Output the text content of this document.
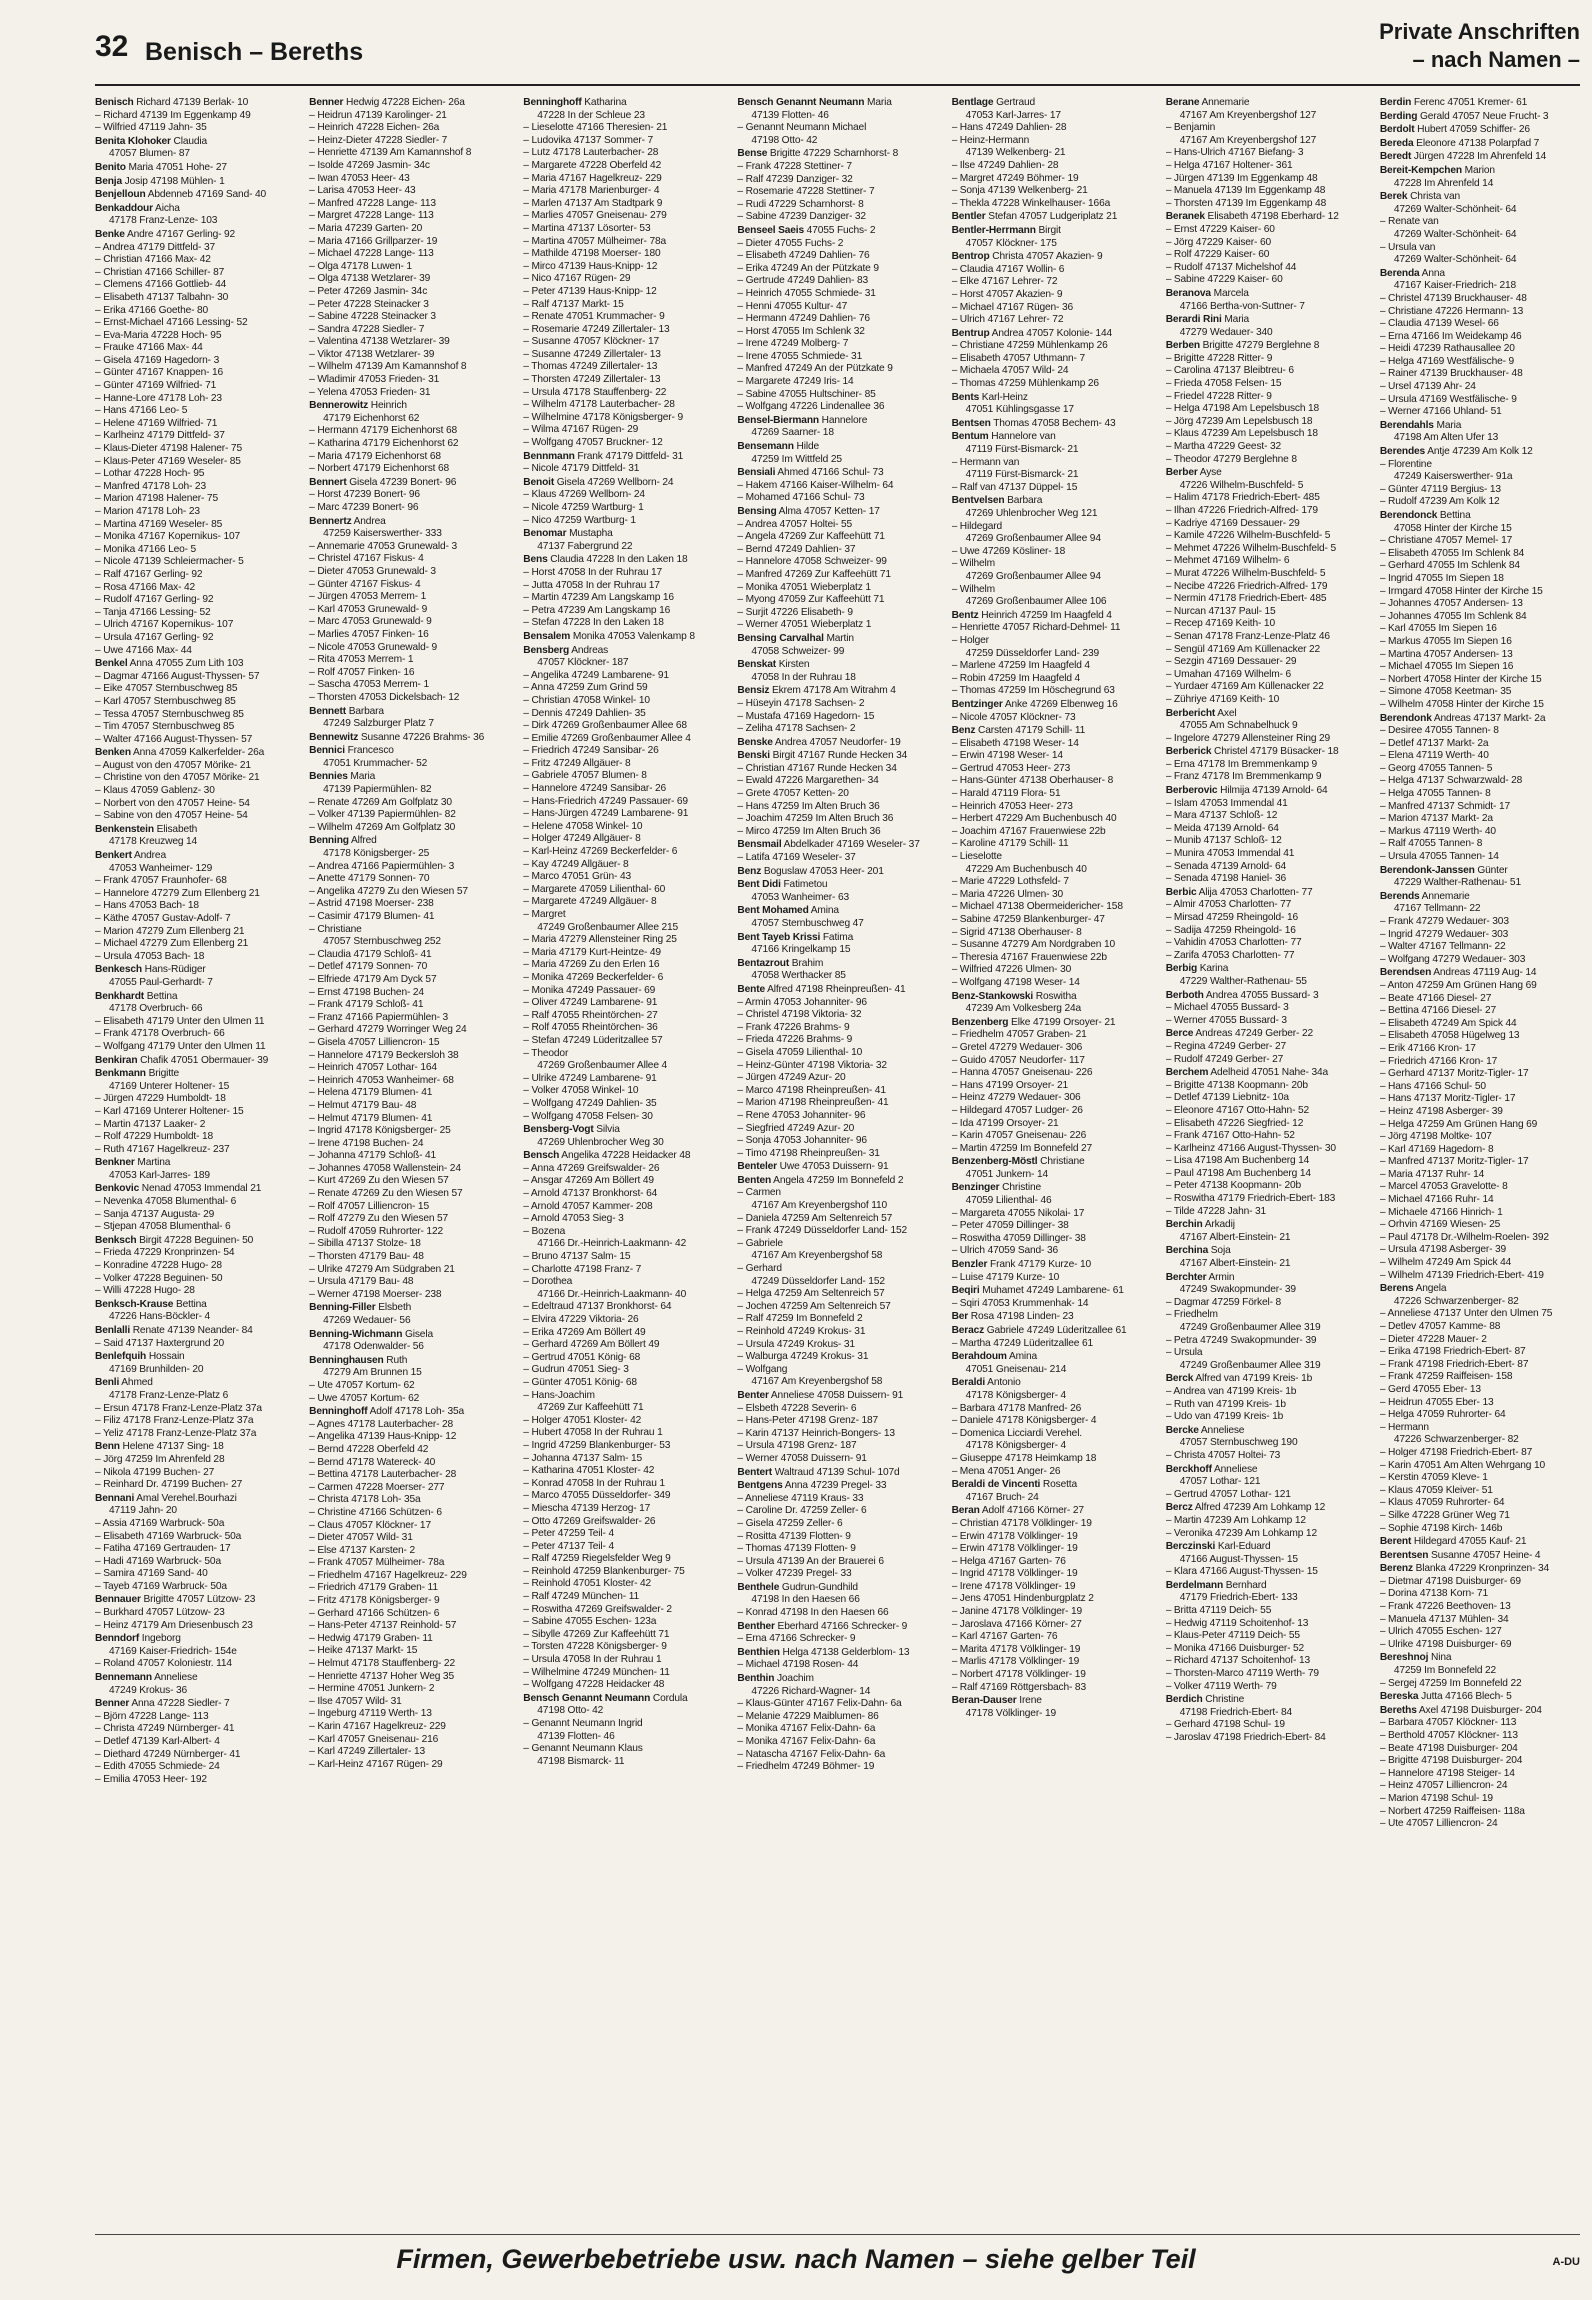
32 Benisch – Bereths
Private Anschriften
– nach Namen –
Benisch Richard 47139 Berlak- 10
– Richard 47139 Im Eggenkamp 49
– Wilfried 47119 Jahn- 35
Benita Klohoker Claudia
47057 Blumen- 87
Benito Maria 47051 Hohe- 27
Benja Josip 47198 Mühlen- 1
Benjelloun Abdenneb 47169 Sand- 40
Benkaddour Aicha
47178 Franz-Lenze- 103
Benke Andre 47167 Gerling- 92
– Andrea 47179 Dittfeld- 37
– Christian 47166 Max- 42
– Christian 47166 Schiller- 87
– Clemens 47166 Gottlieb- 44
– Elisabeth 47137 Talbahn- 30
– Erika 47166 Goethe- 80
– Ernst-Michael 47166 Lessing- 52
– Eva-Maria 47228 Hoch- 95
– Frauke 47166 Max- 44
– Gisela 47169 Hagedorn- 3
– Günter 47167 Knappen- 16
– Günter 47169 Wilfried- 71
– Hanne-Lore 47178 Loh- 23
– Hans 47166 Leo- 5
– Helene 47169 Wilfried- 71
– Karlheinz 47179 Dittfeld- 37
– Klaus-Dieter 47198 Halener- 75
– Klaus-Peter 47169 Weseler- 85
– Lothar 47228 Hoch- 95
– Manfred 47178 Loh- 23
– Marion 47198 Halener- 75
– Marion 47178 Loh- 23
– Martina 47169 Weseler- 85
– Monika 47167 Kopernikus- 107
– Monika 47166 Leo- 5
– Nicole 47139 Schleiermacher- 5
– Ralf 47167 Gerling- 92
– Rosa 47166 Max- 42
– Rudolf 47167 Gerling- 92
– Tanja 47166 Lessing- 52
– Ulrich 47167 Kopernikus- 107
– Ursula 47167 Gerling- 92
– Uwe 47166 Max- 44
Benkel Anna 47055 Zum Lith 103
– Dagmar 47166 August-Thyssen- 57
– Eike 47057 Sternbuschweg 85
– Karl 47057 Sternbuschweg 85
– Tessa 47057 Sternbuschweg 85
– Tim 47057 Sternbuschweg 85
– Walter 47166 August-Thyssen- 57
Benken Anna 47059 Kalkerfelder- 26a
– August von den 47057 Mörike- 21
– Christine von den 47057 Mörike- 21
– Klaus 47059 Gablenz- 30
– Norbert von den 47057 Heine- 54
– Sabine von den 47057 Heine- 54
Benkenstein Elisabeth
47178 Kreuzweg 14
Benkert Andrea
47053 Wanheimer- 129
– Frank 47057 Fraunhofer- 68
– Hannelore 47279 Zum Ellenberg 21
– Hans 47053 Bach- 18
– Käthe 47057 Gustav-Adolf- 7
– Marion 47279 Zum Ellenberg 21
– Michael 47279 Zum Ellenberg 21
– Ursula 47053 Bach- 18
Benkesch Hans-Rüdiger
47055 Paul-Gerhardt- 7
Benkhardt Bettina
47178 Overbruch- 66
– Elisabeth 47179 Unter den Ulmen 11
– Frank 47178 Overbruch- 66
– Wolfgang 47179 Unter den Ulmen 11
Benkiran Chafik 47051 Obermauer- 39
Benkmann Brigitte
47169 Unterer Holtener- 15
– Jürgen 47229 Humboldt- 18
– Karl 47169 Unterer Holtener- 15
– Martin 47137 Laaker- 2
– Rolf 47229 Humboldt- 18
– Ruth 47167 Hagelkreuz- 237
Benkner Martina
47053 Karl-Jarres- 189
Benkovic Nenad 47053 Immendal 21
– Nevenka 47058 Blumenthal- 6
– Sanja 47137 Augusta- 29
– Stjepan 47058 Blumenthal- 6
Benksch Birgit 47228 Beguinen- 50
– Frieda 47229 Kronprinzen- 54
– Konradine 47228 Hugo- 28
– Volker 47228 Beguinen- 50
– Willi 47228 Hugo- 28
Benksch-Krause Bettina
47226 Hans-Böckler- 4
Benlalli Renate 47139 Neander- 84
– Said 47137 Haxtergrund 20
Benlefquih Hossain
47169 Brunhilden- 20
Benli Ahmed
47178 Franz-Lenze-Platz 6
– Ersun 47178 Franz-Lenze-Platz 37a
– Filiz 47178 Franz-Lenze-Platz 37a
– Yeliz 47178 Franz-Lenze-Platz 37a
Benn Helene 47137 Sing- 18
– Jörg 47259 Im Ahrenfeld 28
– Nikola 47199 Buchen- 27
– Reinhard Dr. 47199 Buchen- 27
Bennani Amal Verehel.Bourhazi
47119 Jahn- 20
– Assia 47169 Warbruck- 50a
– Elisabeth 47169 Warbruck- 50a
– Fatiha 47169 Gertrauden- 17
– Hadi 47169 Warbruck- 50a
– Samira 47169 Sand- 40
– Tayeb 47169 Warbruck- 50a
Bennauer Brigitte 47057 Lützow- 23
– Burkhard 47057 Lützow- 23
– Heinz 47179 Am Driesenbusch 23
Benndorf Ingeborg
47169 Kaiser-Friedrich- 154e
– Roland 47057 Koloniestr. 114
Bennemann Anneliese
47249 Krokus- 36
Benner Anna 47228 Siedler- 7
– Björn 47228 Lange- 113
– Christa 47249 Nürnberger- 41
– Detlef 47139 Karl-Albert- 4
– Diethard 47249 Nürnberger- 41
– Edith 47055 Schmiede- 24
– Emilia 47053 Heer- 192
Benner Hedwig 47228 Eichen- 26a
– Heidrun 47139 Karolinger- 21
– Heinrich 47228 Eichen- 26a
– Heinz-Dieter 47228 Siedler- 7
– Henriette 47139 Am Kamannshof 8
– Isolde 47269 Jasmin- 34c
– Iwan 47053 Heer- 43
– Larisa 47053 Heer- 43
– Manfred 47228 Lange- 113
– Margret 47228 Lange- 113
– Maria 47239 Garten- 20
– Maria 47166 Grillparzer- 19
– Michael 47228 Lange- 113
– Olga 47178 Luwen- 1
– Olga 47138 Wetzlarer- 39
– Peter 47269 Jasmin- 34c
– Peter 47228 Steinacker 3
– Sabine 47228 Steinacker 3
– Sandra 47228 Siedler- 7
– Valentina 47138 Wetzlarer- 39
– Viktor 47138 Wetzlarer- 39
– Wilhelm 47139 Am Kamannshof 8
– Wladimir 47053 Frieden- 31
– Yelena 47053 Frieden- 31
Bennerowitz Heinrich
47179 Eichenhorst 62
– Hermann 47179 Eichenhorst 68
– Katharina 47179 Eichenhorst 62
– Maria 47179 Eichenhorst 68
– Norbert 47179 Eichenhorst 68
Bennert Gisela 47239 Bonert- 96
– Horst 47239 Bonert- 96
– Marc 47239 Bonert- 96
Bennertz Andrea
47259 Kaiserswerther- 333
– Annemarie 47053 Grunewald- 3
– Christel 47167 Fiskus- 4
– Dieter 47053 Grunewald- 3
– Günter 47167 Fiskus- 4
– Jürgen 47053 Merrem- 1
– Karl 47053 Grunewald- 9
– Marc 47053 Grunewald- 9
– Marlies 47057 Finken- 16
– Nicole 47053 Grunewald- 9
– Rita 47053 Merrem- 1
– Rolf 47057 Finken- 16
– Sascha 47053 Merrem- 1
– Thorsten 47053 Dickelsbach- 12
Bennett Barbara
47249 Salzburger Platz 7
Bennewitz Susanne 47226 Brahms- 36
Bennici Francesco
47051 Krummacher- 52
Bennies Maria
47139 Papiermühlen- 82
– Renate 47269 Am Golfplatz 30
– Volker 47139 Papiermühlen- 82
– Wilhelm 47269 Am Golfplatz 30
Benning Alfred
47178 Königsberger- 25
– Andrea 47166 Papiermühlen- 3
– Anette 47179 Sonnen- 70
– Angelika 47279 Zu den Wiesen 57
– Astrid 47198 Moerser- 238
– Casimir 47179 Blumen- 41
– Christiane
47057 Sternbuschweg 252
– Claudia 47179 Schloß- 41
– Detlef 47179 Sonnen- 70
– Elfriede 47179 Am Dyck 57
– Ernst 47198 Buchen- 24
– Frank 47179 Schloß- 41
– Franz 47166 Papiermühlen- 3
– Gerhard 47279 Worringer Weg 24
– Gisela 47057 Lilliencron- 15
– Hannelore 47179 Beckersloh 38
– Heinrich 47057 Lothar- 164
– Heinrich 47053 Wanheimer- 68
– Helena 47179 Blumen- 41
– Helmut 47179 Bau- 48
– Helmut 47179 Blumen- 41
– Ingrid 47178 Königsberger- 25
– Irene 47198 Buchen- 24
– Johanna 47179 Schloß- 41
– Johannes 47058 Wallenstein- 24
– Kurt 47269 Zu den Wiesen 57
– Renate 47269 Zu den Wiesen 57
– Rolf 47057 Lilliencron- 15
– Rolf 47279 Zu den Wiesen 57
– Rudolf 47059 Ruhrorter- 122
– Sibilla 47137 Stolze- 18
– Thorsten 47179 Bau- 48
– Ulrike 47279 Am Südgraben 21
– Ursula 47179 Bau- 48
– Werner 47198 Moerser- 238
Benning-Filler Elsbeth
47269 Wedauer- 56
Benning-Wichmann Gisela
47178 Odenwalder- 56
Benninghausen Ruth
47279 Am Brunnen 15
– Ute 47057 Kortum- 62
– Uwe 47057 Kortum- 62
Benninghoff Adolf 47178 Loh- 35a
– Agnes 47178 Lauterbacher- 28
– Angelika 47139 Haus-Knipp- 12
– Bernd 47228 Oberfeld 42
– Bernd 47178 Watereck- 40
– Bettina 47178 Lauterbacher- 28
– Carmen 47228 Moerser- 277
– Christa 47178 Loh- 35a
– Christine 47166 Schützen- 6
– Claus 47057 Klöckner- 17
– Dieter 47057 Wild- 31
– Else 47137 Karsten- 2
– Frank 47057 Mülheimer- 78a
– Friedhelm 47167 Hagelkreuz- 229
– Friedrich 47179 Graben- 11
– Fritz 47178 Königsberger- 9
– Gerhard 47166 Schützen- 6
– Hans-Peter 47137 Reinhold- 57
– Hedwig 47179 Graben- 11
– Heike 47137 Markt- 15
– Helmut 47178 Stauffenberg- 22
– Henriette 47137 Hoher Weg 35
– Hermine 47051 Junkern- 2
– Ilse 47057 Wild- 31
– Ingeburg 47119 Werth- 13
– Karin 47167 Hagelkreuz- 229
– Karl 47057 Gneisenau- 216
– Karl 47249 Zillertaler- 13
– Karl-Heinz 47167 Rügen- 29
Benninghoff Katharina
47228 In der Schleue 23
– Lieselotte 47166 Theresien- 21
– Ludovika 47137 Sommer- 7
– Lutz 47178 Lauterbacher- 28
– Margarete 47228 Oberfeld 42
– Maria 47167 Hagelkreuz- 229
– Maria 47178 Marienburger- 4
– Marlen 47137 Am Stadtpark 9
– Marlies 47057 Gneisenau- 279
– Martina 47137 Lösorter- 53
– Martina 47057 Mülheimer- 78a
– Mathilde 47198 Moerser- 180
– Mirco 47139 Haus-Knipp- 12
– Nico 47167 Rügen- 29
– Peter 47139 Haus-Knipp- 12
– Ralf 47137 Markt- 15
– Renate 47051 Krummacher- 9
– Rosemarie 47249 Zillertaler- 13
– Susanne 47057 Klöckner- 17
– Susanne 47249 Zillertaler- 13
– Thomas 47249 Zillertaler- 13
– Thorsten 47249 Zillertaler- 13
– Ursula 47178 Stauffenberg- 22
– Wilhelm 47178 Lauterbacher- 28
– Wilhelmine 47178 Königsberger- 9
– Wilma 47167 Rügen- 29
– Wolfgang 47057 Bruckner- 12
Bennmann Frank 47179 Dittfeld- 31
– Nicole 47179 Dittfeld- 31
Benoit Gisela 47269 Wellborn- 24
– Klaus 47269 Wellborn- 24
– Nicole 47259 Wartburg- 1
– Nico 47259 Wartburg- 1
Benomar Mustapha
47137 Fabergrund 22
Bens Claudia 47228 In den Laken 18
– Horst 47058 In der Ruhrau 17
– Jutta 47058 In der Ruhrau 17
– Martin 47239 Am Langskamp 16
– Petra 47239 Am Langskamp 16
– Stefan 47228 In den Laken 18
Bensalem Monika 47053 Valenkamp 8
Bensberg Andreas
47057 Klöckner- 187
– Angelika 47249 Lambarene- 91
– Anna 47259 Zum Grind 59
– Christian 47058 Winkel- 10
– Dennis 47249 Dahlien- 35
– Dirk 47269 Großenbaumer Allee 68
– Emilie 47269 Großenbaumer Allee 4
– Friedrich 47249 Sansibar- 26
– Fritz 47249 Allgäuer- 8
– Gabriele 47057 Blumen- 8
– Hannelore 47249 Sansibar- 26
– Hans-Friedrich 47249 Passauer- 69
– Hans-Jürgen 47249 Lambarene- 91
– Helene 47058 Winkel- 10
– Holger 47249 Allgäuer- 8
– Karl-Heinz 47269 Beckerfelder- 6
– Kay 47249 Allgäuer- 8
– Marco 47051 Grün- 43
– Margarete 47059 Lilienthal- 60
– Margarete 47249 Allgäuer- 8
– Margret
47249 Großenbaumer Allee 215
– Maria 47279 Allensteiner Ring 25
– Maria 47179 Kurt-Heintze- 49
– Maria 47269 Zu den Erlen 16
– Monika 47269 Beckerfelder- 6
– Monika 47249 Passauer- 69
– Oliver 47249 Lambarene- 91
– Ralf 47055 Rheintörchen- 27
– Rolf 47055 Rheintörchen- 36
– Stefan 47249 Lüderitzallee 57
– Theodor
47269 Großenbaumer Allee 4
– Ulrike 47249 Lambarene- 91
– Volker 47058 Winkel- 10
– Wolfgang 47249 Dahlien- 35
– Wolfgang 47058 Felsen- 30
Bensberg-Vogt Silvia
47269 Uhlenbrocher Weg 30
Bensch Angelika 47228 Heidacker 48
– Anna 47269 Greifswalder- 26
– Ansgar 47269 Am Böllert 49
– Arnold 47137 Bronkhorst- 64
– Arnold 47057 Kammer- 208
– Arnold 47053 Sieg- 3
– Bozena
47166 Dr.-Heinrich-Laakmann- 42
– Bruno 47137 Salm- 15
– Charlotte 47198 Franz- 7
– Dorothea
47166 Dr.-Heinrich-Laakmann- 40
– Edeltraud 47137 Bronkhorst- 64
– Elvira 47229 Viktoria- 26
– Erika 47269 Am Böllert 49
– Gerhard 47269 Am Böllert 49
– Gertrud 47051 König- 68
– Gudrun 47051 Sieg- 3
– Günter 47051 König- 68
– Hans-Joachim
47269 Zur Kaffeehütt 71
– Holger 47051 Kloster- 42
– Hubert 47058 In der Ruhrau 1
– Ingrid 47259 Blankenburger- 53
– Johanna 47137 Salm- 15
– Katharina 47051 Kloster- 42
– Konrad 47058 In der Ruhrau 1
– Marco 47055 Düsseldorfer- 349
– Miescha 47139 Herzog- 17
– Otto 47269 Greifswalder- 26
– Peter 47259 Teil- 4
– Peter 47137 Teil- 4
– Ralf 47259 Riegelsfelder Weg 9
– Reinhold 47259 Blankenburger- 75
– Reinhold 47051 Kloster- 42
– Ralf 47249 München- 11
– Roswitha 47269 Greifswalder- 2
– Sabine 47055 Eschen- 123a
– Sibylle 47269 Zur Kaffeehütt 71
– Torsten 47228 Königsberger- 9
– Ursula 47058 In der Ruhrau 1
– Wilhelmine 47249 München- 11
– Wolfgang 47228 Heidacker 48
Bensch Genannt Neumann Cordula
47198 Otto- 42
– Genannt Neumann Ingrid
47139 Flotten- 46
– Genannt Neumann Klaus
47198 Bismarck- 11
Bensch Genannt Neumann Maria
47139 Flotten- 46
– Genannt Neumann Michael
47198 Otto- 42
Bense Brigitte 47229 Scharnhorst- 8
– Frank 47228 Stettiner- 7
– Ralf 47239 Danziger- 32
– Rosemarie 47228 Stettiner- 7
– Rudi 47229 Scharnhorst- 8
– Sabine 47239 Danziger- 32
Benseel Saeis 47055 Fuchs- 2
– Dieter 47055 Fuchs- 2
– Elisabeth 47249 Dahlien- 76
– Erika 47249 An der Pützkate 9
– Gertrude 47249 Dahlien- 83
– Heinrich 47055 Schmiede- 31
– Henni 47055 Kultur- 47
– Hermann 47249 Dahlien- 76
– Horst 47055 Im Schlenk 32
– Irene 47249 Molberg- 7
– Irene 47055 Schmiede- 31
– Manfred 47249 An der Pützkate 9
– Margarete 47249 Iris- 14
– Sabine 47055 Hultschiner- 85
– Wolfgang 47226 Lindenallee 36
Bensel-Biermann Hannelore
47269 Saarner- 18
Bensemann Hilde
47259 Im Wittfeld 25
Bensiali Ahmed 47166 Schul- 73
– Hakem 47166 Kaiser-Wilhelm- 64
– Mohamed 47166 Schul- 73
Bensing Alma 47057 Ketten- 17
– Andrea 47057 Holtei- 55
– Angela 47269 Zur Kaffeehütt 71
– Bernd 47249 Dahlien- 37
– Hannelore 47058 Schweizer- 99
– Manfred 47269 Zur Kaffeehütt 71
– Monika 47051 Wieberplatz 1
– Myong 47059 Zur Kaffeehütt 71
– Surjit 47226 Elisabeth- 9
– Werner 47051 Wieberplatz 1
Bensing Carvalhal Martin
47058 Schweizer- 99
Benskat Kirsten
47058 In der Ruhrau 18
Bensiz Ekrem 47178 Am Witrahm 4
– Hüseyin 47178 Sachsen- 2
– Mustafa 47169 Hagedorn- 15
– Zeliha 47178 Sachsen- 2
Benske Andrea 47057 Neudorfer- 19
Benski Birgit 47167 Runde Hecken 34
– Christian 47167 Runde Hecken 34
– Ewald 47226 Margarethen- 34
– Grete 47057 Ketten- 20
– Hans 47259 Im Alten Bruch 36
– Joachim 47259 Im Alten Bruch 36
– Mirco 47259 Im Alten Bruch 36
Bensmail Abdelkader 47169 Weseler- 37
– Latifa 47169 Weseler- 37
Benz Boguslaw 47053 Heer- 201
Bent Didi Fatimetou
47053 Wanheimer- 63
Bent Mohamed Amina
47057 Sternbuschweg 47
Bent Tayeb Krissi Fatima
47166 Kringelkamp 15
Bentazrout Brahim
47058 Werthacker 85
Bente Alfred 47198 Rheinpreußen- 41
– Armin 47053 Johanniter- 96
– Christel 47198 Viktoria- 32
– Frank 47226 Brahms- 9
– Frieda 47226 Brahms- 9
– Gisela 47059 Lilienthal- 10
– Heinz-Günter 47198 Viktoria- 32
– Jürgen 47249 Azur- 20
– Marco 47198 Rheinpreußen- 41
– Marion 47198 Rheinpreußen- 41
– Rene 47053 Johanniter- 96
– Siegfried 47249 Azur- 20
– Sonja 47053 Johanniter- 96
– Timo 47198 Rheinpreußen- 31
Benteler Uwe 47053 Duissern- 91
Benten Angela 47259 Im Bonnefeld 2
– Carmen
47167 Am Kreyenbergshof 110
– Daniela 47259 Am Seltenreich 57
– Frank 47249 Düsseldorfer Land- 152
– Gabriele
47167 Am Kreyenbergshof 58
– Gerhard
47249 Düsseldorfer Land- 152
– Helga 47259 Am Seltenreich 57
– Jochen 47259 Am Seltenreich 57
– Ralf 47259 Im Bonnefeld 2
– Reinhold 47249 Krokus- 31
– Ursula 47249 Krokus- 31
– Walburga 47249 Krokus- 31
– Wolfgang
47167 Am Kreyenbergshof 58
Benter Anneliese 47058 Duissern- 91
– Elsbeth 47228 Severin- 6
– Hans-Peter 47198 Grenz- 187
– Karin 47137 Heinrich-Bongers- 13
– Ursula 47198 Grenz- 187
– Werner 47058 Duissern- 91
Bentert Waltraud 47139 Schul- 107d
Bentgens Anna 47239 Pregel- 33
– Anneliese 47119 Kraus- 33
– Caroline Dr. 47259 Zeller- 6
– Gisela 47259 Zeller- 6
– Rositta 47139 Flotten- 9
– Thomas 47139 Flotten- 9
– Ursula 47139 An der Brauerei 6
– Volker 47239 Pregel- 33
Benthele Gudrun-Gundhild
47198 In den Haesen 66
– Konrad 47198 In den Haesen 66
Benther Eberhard 47166 Schrecker- 9
– Erna 47166 Schrecker- 9
Benthien Helga 47138 Gelderblom- 13
– Michael 47198 Rosen- 44
Benthin Joachim
47226 Richard-Wagner- 14
– Klaus-Günter 47167 Felix-Dahn- 6a
– Melanie 47229 Maiblumen- 86
– Monika 47167 Felix-Dahn- 6a
– Monika 47167 Felix-Dahn- 6a
– Natascha 47167 Felix-Dahn- 6a
– Friedhelm 47249 Böhmer- 19
Bentlage Gertraud
47053 Karl-Jarres- 17
– Hans 47249 Dahlien- 28
– Heinz-Hermann
47139 Welkenberg- 21
– Ilse 47249 Dahlien- 28
– Margret 47249 Böhmer- 19
– Sonja 47139 Welkenberg- 21
– Thekla 47228 Winkelhauser- 166a
Bentler Stefan 47057 Ludgeriplatz 21
Bentler-Herrmann Birgit
47057 Klöckner- 175
Bentrop Christa 47057 Akazien- 9
– Claudia 47167 Wollin- 6
– Elke 47167 Lehrer- 72
– Horst 47057 Akazien- 9
– Michael 47167 Rügen- 36
– Ulrich 47167 Lehrer- 72
Bentrup Andrea 47057 Kolonie- 144
– Christiane 47259 Mühlenkamp 26
– Elisabeth 47057 Uthmann- 7
– Michaela 47057 Wild- 24
– Thomas 47259 Mühlenkamp 26
Bents Karl-Heinz
47051 Kühlingsgasse 17
Bentsen Thomas 47058 Bechem- 43
Bentum Hannelore van
47119 Fürst-Bismarck- 21
– Hermann van
47119 Fürst-Bismarck- 21
– Ralf van 47137 Düppel- 15
Bentvelsen Barbara
47269 Uhlenbrocher Weg 121
– Hildegard
47269 Großenbaumer Allee 94
– Uwe 47269 Kösliner- 18
– Wilhelm
47269 Großenbaumer Allee 94
– Wilhelm
47269 Großenbaumer Allee 106
Bentz Heinrich 47259 Im Haagfeld 4
– Henriette 47057 Richard-Dehmel- 11
– Holger
47259 Düsseldorfer Land- 239
– Marlene 47259 Im Haagfeld 4
– Robin 47259 Im Haagfeld 4
– Thomas 47259 Im Höschegrund 63
Bentzinger Anke 47269 Elbenweg 16
– Nicole 47057 Klöckner- 73
Benz Carsten 47179 Schill- 11
– Elisabeth 47198 Weser- 14
– Erwin 47198 Weser- 14
– Gertrud 47053 Heer- 273
– Hans-Günter 47138 Oberhauser- 8
– Harald 47119 Flora- 51
– Heinrich 47053 Heer- 273
– Herbert 47229 Am Buchenbusch 40
– Joachim 47167 Frauenwiese 22b
– Karoline 47179 Schill- 11
– Lieselotte
47229 Am Buchenbusch 40
– Marie 47229 Lothsfeld- 7
– Maria 47226 Ulmen- 30
– Michael 47138 Obermeidericher- 158
– Sabine 47259 Blankenburger- 47
– Sigrid 47138 Oberhauser- 8
– Susanne 47279 Am Nordgraben 10
– Theresia 47167 Frauenwiese 22b
– Wilfried 47226 Ulmen- 30
– Wolfgang 47198 Weser- 14
Benz-Stankowski Roswitha
47239 Am Volkesberg 24a
Benzenberg Elke 47199 Orsoyer- 21
– Friedhelm 47057 Graben- 21
– Gretel 47279 Wedauer- 306
– Guido 47057 Neudorfer- 117
– Hanna 47057 Gneisenau- 226
– Hans 47199 Orsoyer- 21
– Heinz 47279 Wedauer- 306
– Hildegard 47057 Ludger- 26
– Ida 47199 Orsoyer- 21
– Karin 47057 Gneisenau- 226
– Martin 47259 Im Bonnefeld 27
Benzenberg-Möstl Christiane
47051 Junkern- 14
Benzinger Christine
47059 Lilienthal- 46
– Margareta 47055 Nikolai- 17
– Peter 47059 Dillinger- 38
– Roswitha 47059 Dillinger- 38
– Ulrich 47059 Sand- 36
Benzler Frank 47179 Kurze- 10
– Luise 47179 Kurze- 10
Beqiri Muhamet 47249 Lambarene- 61
– Sqiri 47053 Krummenhak- 14
Ber Rosa 47198 Linden- 23
Beracz Gabriele 47249 Lüderitzallee 61
– Martha 47249 Lüderitzallee 61
Berahdoum Amina
47051 Gneisenau- 214
Beraldi Antonio
47178 Königsberger- 4
– Barbara 47178 Manfred- 26
– Daniele 47178 Königsberger- 4
– Domenica Licciardi Verehel.
47178 Königsberger- 4
– Giuseppe 47178 Heimkamp 18
– Mena 47051 Anger- 26
Beraldi de Vincenti Rosetta
47167 Bruch- 24
Beran Adolf 47166 Körner- 27
– Christian 47178 Völklinger- 19
– Erwin 47178 Völklinger- 19
– Erwin 47178 Völklinger- 19
– Helga 47167 Garten- 76
– Ingrid 47178 Völklinger- 19
– Irene 47178 Völklinger- 19
– Jens 47051 Hindenburgplatz 2
– Janine 47178 Völklinger- 19
– Jaroslava 47166 Körner- 27
– Karl 47167 Garten- 76
– Marita 47178 Völklinger- 19
– Marlis 47178 Völklinger- 19
– Norbert 47178 Völklinger- 19
– Ralf 47169 Röttgersbach- 83
Beran-Dauser Irene
47178 Völklinger- 19
Berane Annemarie
47167 Am Kreyenbergshof 127
– Benjamin
47167 Am Kreyenbergshof 127
– Hans-Ulrich 47167 Biefang- 3
– Helga 47167 Holtener- 361
– Jürgen 47139 Im Eggenkamp 48
– Manuela 47139 Im Eggenkamp 48
– Thorsten 47139 Im Eggenkamp 48
Beranek Elisabeth 47198 Eberhard- 12
– Ernst 47229 Kaiser- 60
– Jörg 47229 Kaiser- 60
– Rolf 47229 Kaiser- 60
– Rudolf 47137 Michelshof 44
– Sabine 47229 Kaiser- 60
Beranova Marcela
47166 Bertha-von-Suttner- 7
Berardi Rini Maria
47279 Wedauer- 340
Berben Brigitte 47279 Berglehne 8
– Brigitte 47228 Ritter- 9
– Carolina 47137 Bleibtreu- 6
– Frieda 47058 Felsen- 15
– Friedel 47228 Ritter- 9
– Helga 47198 Am Lepelsbusch 18
– Jörg 47239 Am Lepelsbusch 18
– Klaus 47239 Am Lepelsbusch 18
– Martha 47229 Geest- 32
– Theodor 47279 Berglehne 8
Berber Ayse
47226 Wilhelm-Buschfeld- 5
– Halim 47178 Friedrich-Ebert- 485
– Ilhan 47226 Friedrich-Alfred- 179
– Kadriye 47169 Dessauer- 29
– Kamile 47226 Wilhelm-Buschfeld- 5
– Mehmet 47226 Wilhelm-Buschfeld- 5
– Mehmet 47169 Wilhelm- 6
– Murat 47226 Wilhelm-Buschfeld- 5
– Necibe 47226 Friedrich-Alfred- 179
– Nermin 47178 Friedrich-Ebert- 485
– Nurcan 47137 Paul- 15
– Recep 47169 Keith- 10
– Senan 47178 Franz-Lenze-Platz 46
– Sengül 47169 Am Küllenacker 22
– Sezgin 47169 Dessauer- 29
– Umahan 47169 Wilhelm- 6
– Yurdaer 47169 Am Küllenacker 22
– Zühriye 47169 Keith- 10
Berbericht Axel
47055 Am Schnabelhuck 9
– Ingelore 47279 Allensteiner Ring 29
Berberick Christel 47179 Büsacker- 18
– Erna 47178 Im Bremmenkamp 9
– Franz 47178 Im Bremmenkamp 9
Berberovic Hilmija 47139 Arnold- 64
– Islam 47053 Immendal 41
– Mara 47137 Schloß- 12
– Meida 47139 Arnold- 64
– Munib 47137 Schloß- 12
– Munira 47053 Immendal 41
– Senada 47139 Arnold- 64
– Senada 47198 Haniel- 36
Berbic Alija 47053 Charlotten- 77
– Almir 47053 Charlotten- 77
– Mirsad 47259 Rheingold- 16
– Sadija 47259 Rheingold- 16
– Vahidin 47053 Charlotten- 77
– Zarifa 47053 Charlotten- 77
Berbig Karina
47229 Walther-Rathenau- 55
Berboth Andrea 47055 Bussard- 3
– Michael 47055 Bussard- 3
– Werner 47055 Bussard- 3
Berce Andreas 47249 Gerber- 22
– Regina 47249 Gerber- 27
– Rudolf 47249 Gerber- 27
Berchem Adelheid 47051 Nahe- 34a
– Brigitte 47138 Koopmann- 20b
– Detlef 47139 Liebnitz- 10a
– Eleonore 47167 Otto-Hahn- 52
– Elisabeth 47226 Siegfried- 12
– Frank 47167 Otto-Hahn- 52
– Karlheinz 47166 August-Thyssen- 30
– Lisa 47198 Am Buchenberg 14
– Paul 47198 Am Buchenberg 14
– Peter 47138 Koopmann- 20b
– Roswitha 47179 Friedrich-Ebert- 183
– Tilde 47228 Jahn- 31
Berchin Arkadij
47167 Albert-Einstein- 21
Berchina Soja
47167 Albert-Einstein- 21
Berchter Armin
47249 Swakopmunder- 39
– Dagmar 47259 Förkel- 8
– Friedhelm
47249 Großenbaumer Allee 319
– Petra 47249 Swakopmunder- 39
– Ursula
47249 Großenbaumer Allee 319
Berck Alfred van 47199 Kreis- 1b
– Andrea van 47199 Kreis- 1b
– Ruth van 47199 Kreis- 1b
– Udo van 47199 Kreis- 1b
Bercke Anneliese
47057 Sternbuschweg 190
– Christa 47057 Holtei- 73
Berckhoff Anneliese
47057 Lothar- 121
– Gertrud 47057 Lothar- 121
Bercz Alfred 47239 Am Lohkamp 12
– Martin 47239 Am Lohkamp 12
– Veronika 47239 Am Lohkamp 12
Berczinski Karl-Eduard
47166 August-Thyssen- 15
– Klara 47166 August-Thyssen- 15
Berdelmann Bernhard
47179 Friedrich-Ebert- 133
– Britta 47119 Deich- 55
– Hedwig 47119 Schoitenhof- 13
– Klaus-Peter 47119 Deich- 55
– Monika 47166 Duisburger- 52
– Richard 47137 Schoitenhof- 13
– Thorsten-Marco 47119 Werth- 79
– Volker 47119 Werth- 79
Berdich Christine
47198 Friedrich-Ebert- 84
– Gerhard 47198 Schul- 19
– Jaroslav 47198 Friedrich-Ebert- 84
Berdin Ferenc 47051 Kremer- 61
Berding Gerald 47057 Neue Frucht- 3
Berdolt Hubert 47059 Schiffer- 26
Bereda Eleonore 47138 Polarpfad 7
Beredt Jürgen 47228 Im Ahrenfeld 14
Bereit-Kempchen Marion
47228 Im Ahrenfeld 14
Berek Christa van
47269 Walter-Schönheit- 64
– Renate van
47269 Walter-Schönheit- 64
– Ursula van
47269 Walter-Schönheit- 64
Berenda Anna
47167 Kaiser-Friedrich- 218
– Christel 47139 Bruckhauser- 48
– Christiane 47226 Hermann- 13
– Claudia 47139 Wesel- 66
– Erna 47166 Im Weidekamp 46
– Heidi 47239 Rathausallee 20
– Helga 47169 Westfälische- 9
– Rainer 47139 Bruckhauser- 48
– Ursel 47139 Ahr- 24
– Ursula 47169 Westfälische- 9
– Werner 47166 Uhland- 51
Berendahls Maria
47198 Am Alten Ufer 13
Berendes Antje 47239 Am Kolk 12
– Florentine
47249 Kaiserswerther- 91a
– Günter 47119 Bergius- 13
– Rudolf 47239 Am Kolk 12
Berendonck Bettina
47058 Hinter der Kirche 15
– Christiane 47057 Memel- 17
– Elisabeth 47055 Im Schlenk 84
– Gerhard 47055 Im Schlenk 84
– Ingrid 47055 Im Siepen 18
– Irmgard 47058 Hinter der Kirche 15
– Johannes 47057 Andersen- 13
– Johannes 47055 Im Schlenk 84
– Karl 47055 Im Siepen 16
– Markus 47055 Im Siepen 16
– Martina 47057 Andersen- 13
– Michael 47055 Im Siepen 16
– Norbert 47058 Hinter der Kirche 15
– Simone 47058 Keetman- 35
– Wilhelm 47058 Hinter der Kirche 15
Berendonk Andreas 47137 Markt- 2a
– Desiree 47055 Tannen- 8
– Detlef 47137 Markt- 2a
– Elena 47119 Werth- 40
– Georg 47055 Tannen- 5
– Helga 47137 Schwarzwald- 28
– Helga 47055 Tannen- 8
– Manfred 47137 Schmidt- 17
– Marion 47137 Markt- 2a
– Markus 47119 Werth- 40
– Ralf 47055 Tannen- 8
– Ursula 47055 Tannen- 14
Berendonk-Janssen Günter
47229 Walther-Rathenau- 51
Berends Annemarie
47167 Tellmann- 22
– Frank 47279 Wedauer- 303
– Ingrid 47279 Wedauer- 303
– Walter 47167 Tellmann- 22
– Wolfgang 47279 Wedauer- 303
Berendsen Andreas 47119 Aug- 14
– Anton 47259 Am Grünen Hang 69
– Beate 47166 Diesel- 27
– Bettina 47166 Diesel- 27
– Elisabeth 47249 Am Spick 44
– Elisabeth 47058 Hügelweg 13
– Erik 47166 Kron- 17
– Friedrich 47166 Kron- 17
– Gerhard 47137 Moritz-Tigler- 17
– Hans 47166 Schul- 50
– Hans 47137 Moritz-Tigler- 17
– Heinz 47198 Asberger- 39
– Helga 47259 Am Grünen Hang 69
– Jörg 47198 Moltke- 107
– Karl 47169 Hagedorn- 8
– Manfred 47137 Moritz-Tigler- 17
– Maria 47137 Ruhr- 14
– Marcel 47053 Gravelotte- 8
– Michael 47166 Ruhr- 14
– Michaele 47166 Hinrich- 1
– Orhvin 47169 Wiesen- 25
– Paul 47178 Dr.-Wilhelm-Roelen- 392
– Ursula 47198 Asberger- 39
– Wilhelm 47249 Am Spick 44
– Wilhelm 47139 Friedrich-Ebert- 419
Berens Angela
47226 Schwarzenberger- 82
– Anneliese 47137 Unter den Ulmen 75
– Detlev 47057 Kamme- 88
– Dieter 47228 Mauer- 2
– Erika 47198 Friedrich-Ebert- 87
– Frank 47198 Friedrich-Ebert- 87
– Frank 47259 Raiffeisen- 158
– Gerd 47055 Eber- 13
– Heidrun 47055 Eber- 13
– Helga 47059 Ruhrorter- 64
– Hermann
47226 Schwarzenberger- 82
– Holger 47198 Friedrich-Ebert- 87
– Karin 47051 Am Alten Wehrgang 10
– Kerstin 47059 Kleve- 1
– Klaus 47059 Kleiver- 51
– Klaus 47059 Ruhrorter- 64
– Silke 47228 Grüner Weg 71
– Sophie 47198 Kirch- 146b
Berent Hildegard 47055 Kauf- 21
Berentsen Susanne 47057 Heine- 4
Berenz Blanka 47229 Kronprinzen- 34
– Dietmar 47198 Duisburger- 69
– Dorina 47138 Korn- 71
– Frank 47226 Beethoven- 13
– Manuela 47137 Mühlen- 34
– Ulrich 47055 Eschen- 127
– Ulrike 47198 Duisburger- 69
Bereshnoj Nina
47259 Im Bonnefeld 22
– Sergej 47259 Im Bonnefeld 22
Bereska Jutta 47166 Blech- 5
Bereths Axel 47198 Duisburger- 204
– Barbara 47057 Klöckner- 113
– Berthold 47057 Klöckner- 113
– Beate 47198 Duisburger- 204
– Brigitte 47198 Duisburger- 204
– Hannelore 47198 Steiger- 14
– Heinz 47057 Lilliencron- 24
– Marion 47198 Schul- 19
– Norbert 47259 Raiffeisen- 118a
– Ute 47057 Lilliencron- 24
Firmen, Gewerbebetriebe usw. nach Namen – siehe gelber Teil	A-DU
